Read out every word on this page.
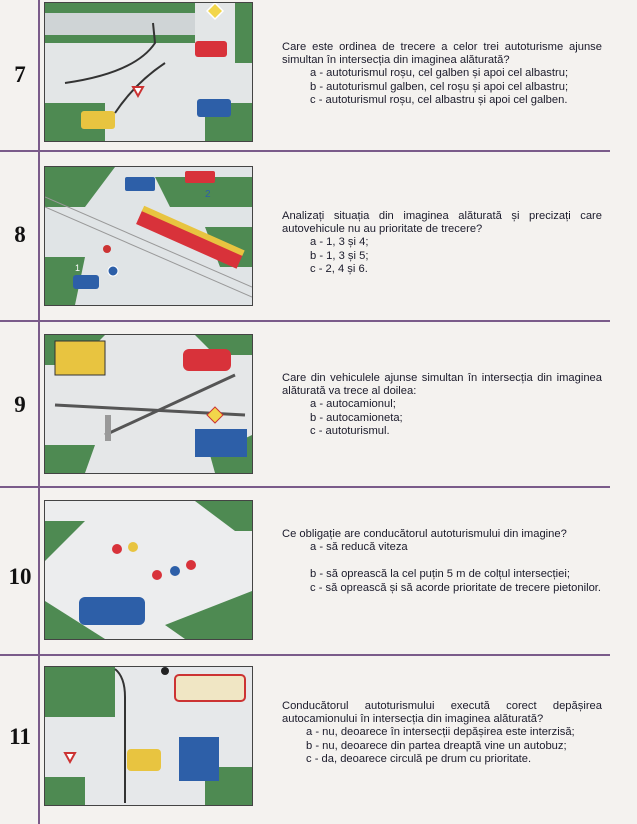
7

Care este ordinea de trecere a celor trei autoturisme ajunse simultan în intersecția din imaginea alăturată?

a - autoturismul roșu, cel galben și apoi cel albastru;

b - autoturismul galben, cel roșu și apoi cel albastru;

c - autoturismul roșu, cel albastru și apoi cel galben.

8
1
2

Analizați situația din imaginea alăturată și precizați care autovehicule nu au prioritate de trecere?

a - 1, 3 și 4;

b - 1, 3 și 5;

c - 2, 4 și 6.

9

Care din vehiculele ajunse simultan în intersecția din imaginea alăturată va trece al doilea:

a - autocamionul;

b - autocamioneta;

c - autoturismul.

10

Ce obligație are conducătorul autoturismului din imagine?

a - să reducă viteza

b - să oprească la cel puțin 5 m de colțul intersecției;

c - să oprească și să acorde prioritate de trecere pietonilor.

11

Conducătorul autoturismului execută corect depășirea autocamionului în intersecția din imaginea alăturată?

a - nu, deoarece în intersecții depășirea este interzisă;

b - nu, deoarece din partea dreaptă vine un autobuz;

c - da, deoarece circulă pe drum cu prioritate.
